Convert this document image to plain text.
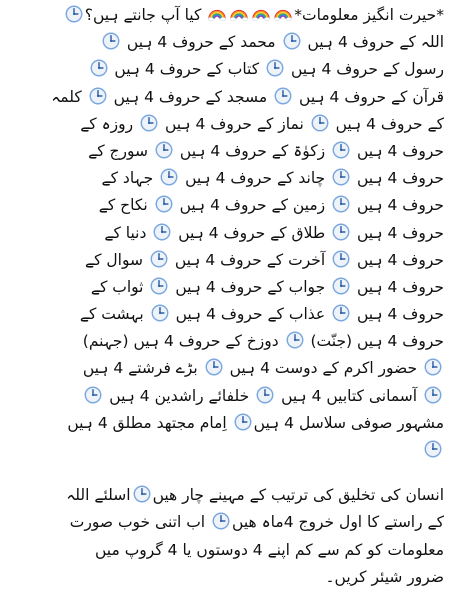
*حیرت انگیز معلومات*
کیا آپ جانتے ہیں؟
اللہ کے حروف 4 ہیں
محمد کے حروف 4 ہیں
رسول کے حروف 4 ہیں
کتاب کے حروف 4 ہیں
قرآن کے حروف 4 ہیں
مسجد کے حروف 4 ہیں
کلمہ
کے حروف 4 ہیں
نماز کے حروف 4 ہیں
روزہ کے
حروف 4 ہیں
زکوٰۃ کے حروف 4 ہیں
سورج کے
حروف 4 ہیں
چاند کے حروف 4 ہیں
جہاد کے
حروف 4 ہیں
زمین کے حروف 4 ہیں
نکاح کے
حروف 4 ہیں
طلاق کے حروف 4 ہیں
دنیا کے
حروف 4 ہیں
آخرت کے حروف 4 ہیں
سوال کے
حروف 4 ہیں
جواب کے حروف 4 ہیں
ثواب کے
حروف 4 ہیں
عذاب کے حروف 4 ہیں
بہشت کے
حروف 4 ہیں (جنّت)
دوزخ کے حروف 4 ہیں (جہنم)
حضور اکرم کے دوست 4 ہیں
بڑے فرشتے 4 ہیں
آسمانی کتابیں 4 ہیں
خلفائے راشدین 4 ہیں
مشہور صوفی سلاسل 4 ہیں
اِمام مجتھد مطلق 4 ہیں
انسان کی تخلیق کی ترتیب کے مہینے چار ھیں
اسلئے اللہ
کے راستے کا اول خروج 4ماہ ھیں
اب اتنی خوب صورت
معلومات کو کم سے کم اپنے 4 دوستوں یا 4 گروپ میں
ضرور شیئر کریں۔
